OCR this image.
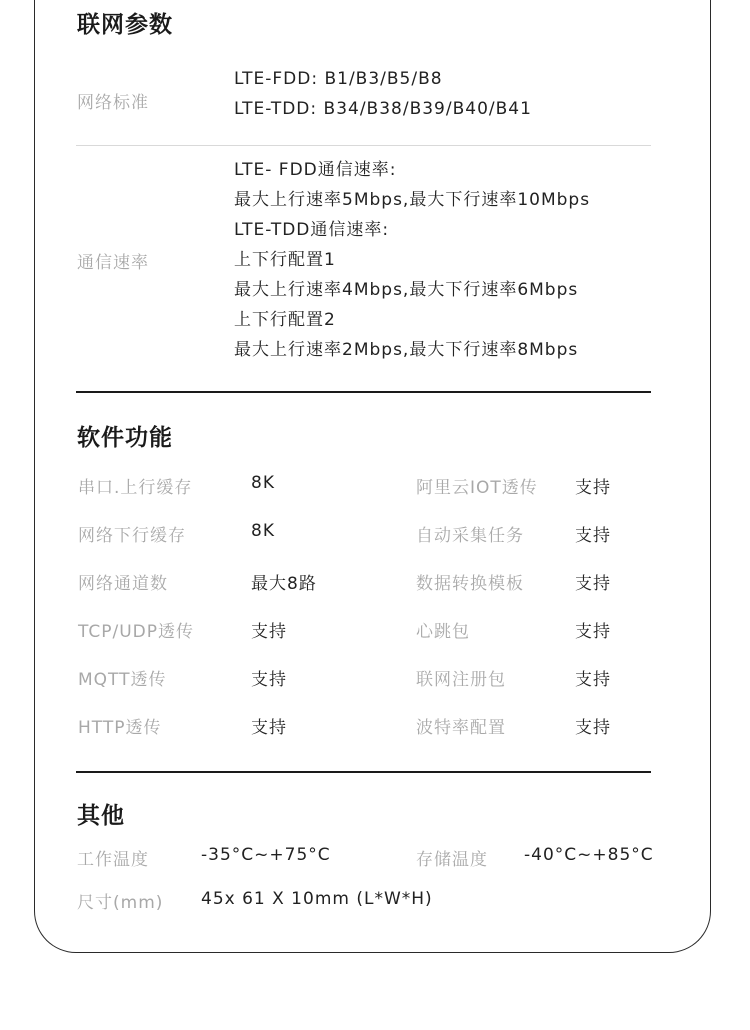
联网参数
网络标准
LTE-FDD: B1/B3/B5/B8
LTE-TDD: B34/B38/B39/B40/B41
通信速率
LTE- FDD通信速率:
最大上行速率5Mbps,最大下行速率10Mbps
LTE-TDD通信速率:
上下行配置1
最大上行速率4Mbps,最大下行速率6Mbps
上下行配置2
最大上行速率2Mbps,最大下行速率8Mbps
软件功能
串口.上行缓存	8K	阿里云IOT透传 支持
网络下行缓存	8K	自动采集任务	支持
网络通道数	最大8路	数据转换模板	支持
TCP/UDP透传	支持	心跳包	支持
MQTT透传	支持	联网注册包	支持
HTTP透传	支持	波特率配置	支持
其他
工作温度	-35°C~+75°C	存储温度 -40°C~+85°C
尺寸(mm) 45x 61 X 10mm (L*W*H)
